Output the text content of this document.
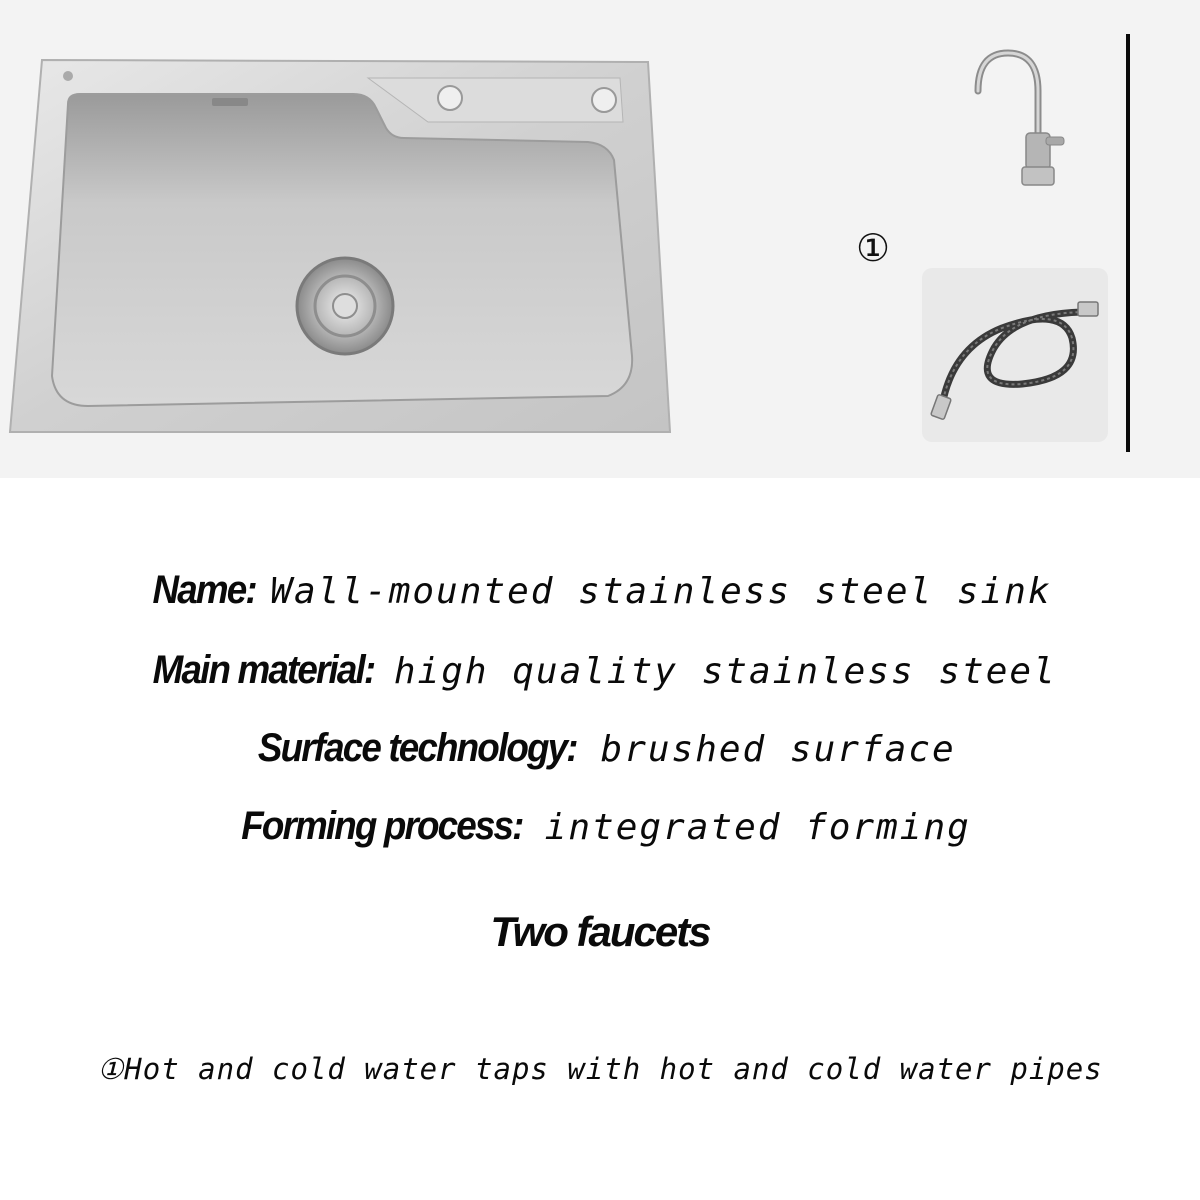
①
Name: Wall-mounted stainless steel sink
Main material: high quality stainless steel
Surface technology: brushed surface
Forming process: integrated forming
Two faucets
①Hot and cold water taps with hot and cold water pipes
